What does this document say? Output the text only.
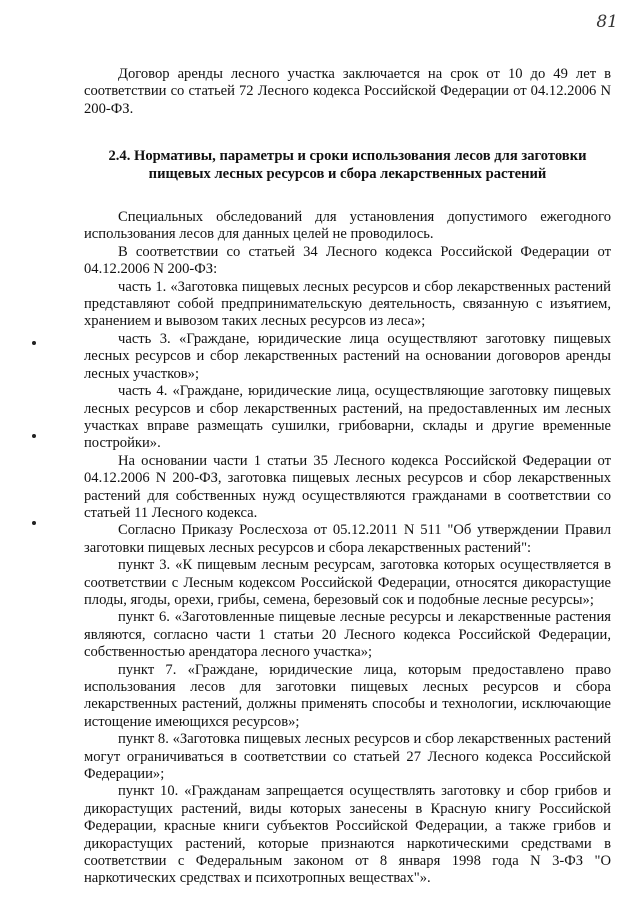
81

Договор аренды лесного участка заключается на срок от 10 до 49 лет в соответствии со статьей 72 Лесного кодекса Российской Федерации от 04.12.2006 N 200-ФЗ.

2.4. Нормативы, параметры и сроки использования лесов для заготовки пищевых лесных ресурсов и сбора лекарственных растений

Специальных обследований для установления допустимого ежегодного использования лесов для данных целей не проводилось.

В соответствии со статьей 34 Лесного кодекса Российской Федерации от 04.12.2006 N 200-ФЗ:

часть 1. «Заготовка пищевых лесных ресурсов и сбор лекарственных растений представляют собой предпринимательскую деятельность, связанную с изъятием, хранением и вывозом таких лесных ресурсов из леса»;

часть 3. «Граждане, юридические лица осуществляют заготовку пищевых лесных ресурсов и сбор лекарственных растений на основании договоров аренды лесных участков»;

часть 4. «Граждане, юридические лица, осуществляющие заготовку пищевых лесных ресурсов и сбор лекарственных растений, на предоставленных им лесных участках вправе размещать сушилки, грибоварни, склады и другие временные постройки».

На основании части 1 статьи 35 Лесного кодекса Российской Федерации от 04.12.2006 N 200-ФЗ, заготовка пищевых лесных ресурсов и сбор лекарственных растений для собственных нужд осуществляются гражданами в соответствии со статьей 11 Лесного кодекса.

Согласно Приказу Рослесхоза от 05.12.2011 N 511 "Об утверждении Правил заготовки пищевых лесных ресурсов и сбора лекарственных растений":

пункт 3. «К пищевым лесным ресурсам, заготовка которых осуществляется в соответствии с Лесным кодексом Российской Федерации, относятся дикорастущие плоды, ягоды, орехи, грибы, семена, березовый сок и подобные лесные ресурсы»;

пункт 6. «Заготовленные пищевые лесные ресурсы и лекарственные растения являются, согласно части 1 статьи 20 Лесного кодекса Российской Федерации, собственностью арендатора лесного участка»;

пункт 7. «Граждане, юридические лица, которым предоставлено право использования лесов для заготовки пищевых лесных ресурсов и сбора лекарственных растений, должны применять способы и технологии, исключающие истощение имеющихся ресурсов»;

пункт 8. «Заготовка пищевых лесных ресурсов и сбор лекарственных растений могут ограничиваться в соответствии со статьей 27 Лесного кодекса Российской Федерации»;

пункт 10. «Гражданам запрещается осуществлять заготовку и сбор грибов и дикорастущих растений, виды которых занесены в Красную книгу Российской Федерации, красные книги субъектов Российской Федерации, а также грибов и дикорастущих растений, которые признаются наркотическими средствами в соответствии с Федеральным законом от 8 января 1998 года N 3-ФЗ "О наркотических средствах и психотропных веществах"».
